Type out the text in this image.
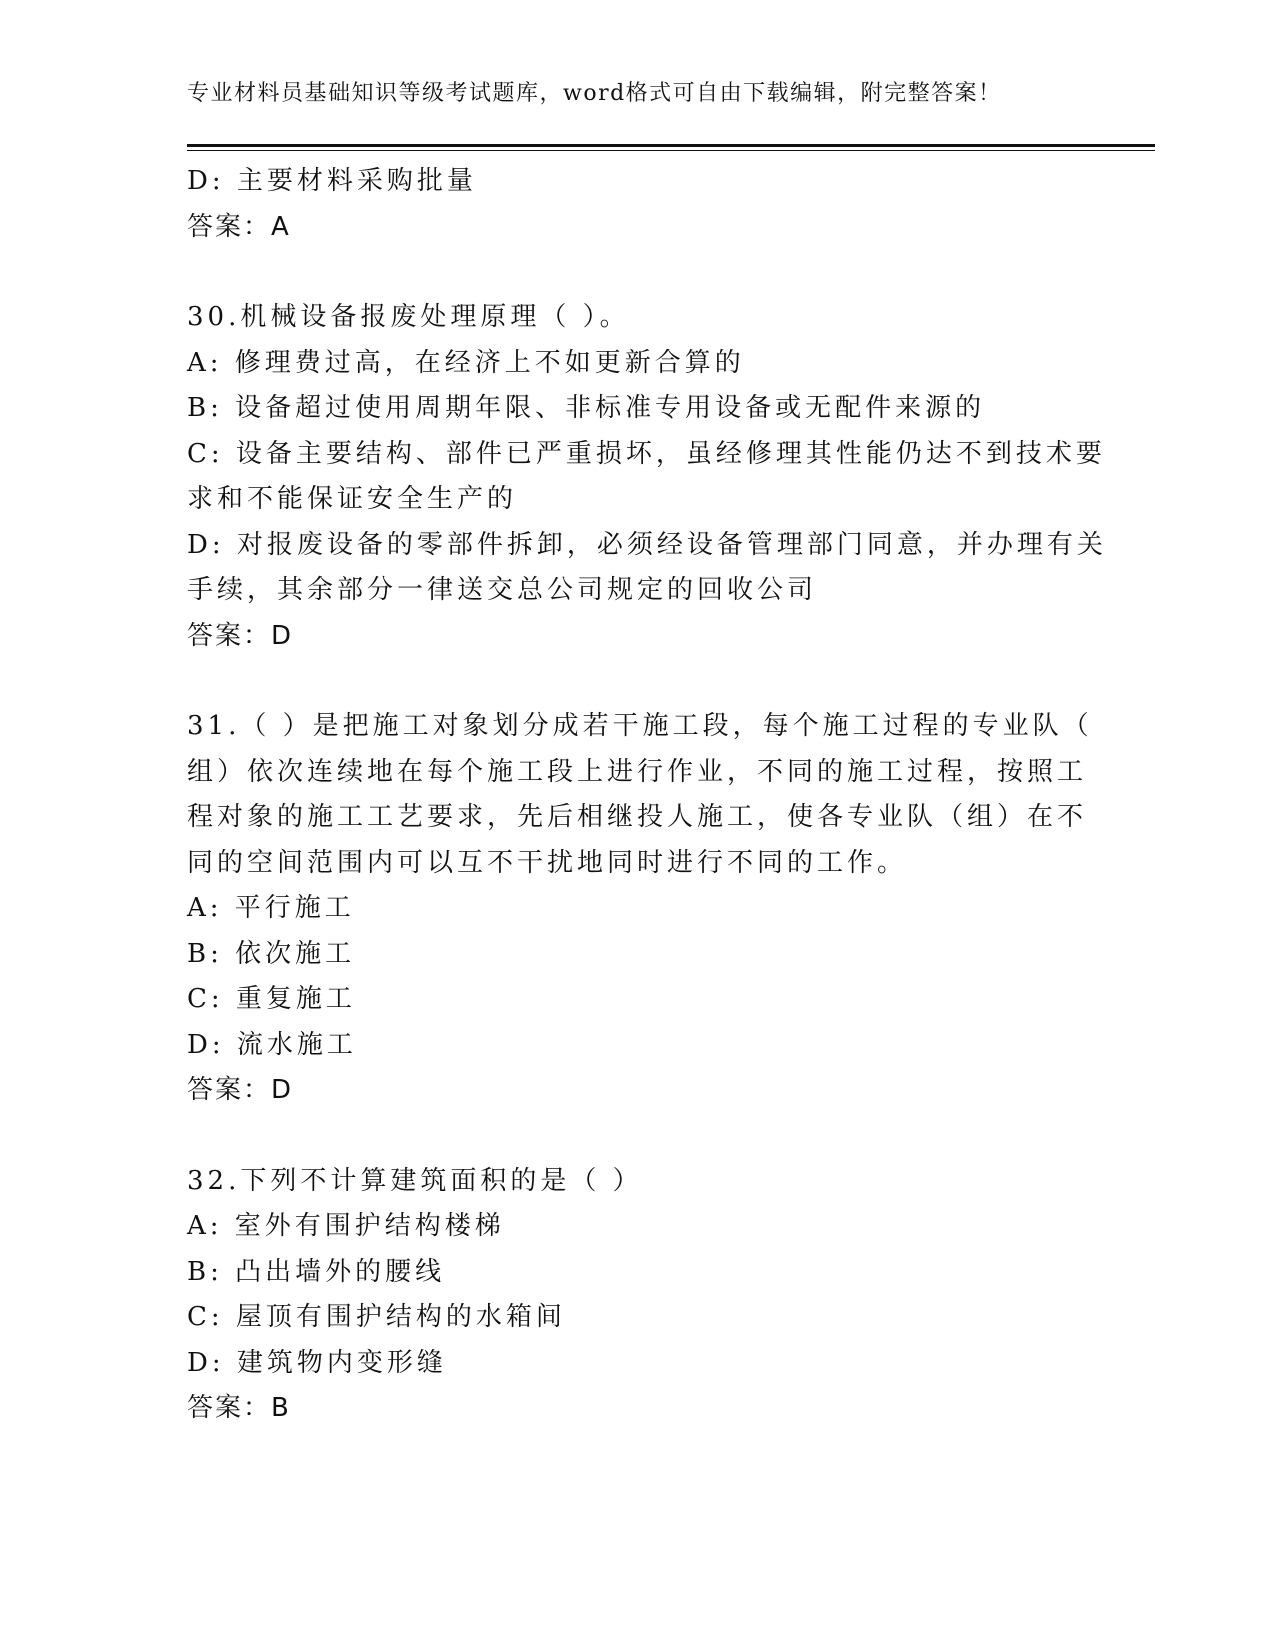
专业材料员基础知识等级考试题库，word格式可自由下载编辑，附完整答案！
D: 主要材料采购批量
答案：A
30.机械设备报废处理原理（ ）。
A: 修理费过高，在经济上不如更新合算的
B: 设备超过使用周期年限、非标准专用设备或无配件来源的
C: 设备主要结构、部件已严重损坏，虽经修理其性能仍达不到技术要
求和不能保证安全生产的
D: 对报废设备的零部件拆卸，必须经设备管理部门同意，并办理有关
手续，其余部分一律送交总公司规定的回收公司
答案：D
31.（ ）是把施工对象划分成若干施工段，每个施工过程的专业队（
组）依次连续地在每个施工段上进行作业，不同的施工过程，按照工
程对象的施工工艺要求，先后相继投人施工，使各专业队（组）在不
同的空间范围内可以互不干扰地同时进行不同的工作。
A: 平行施工
B: 依次施工
C: 重复施工
D: 流水施工
答案：D
32.下列不计算建筑面积的是（ ）
A: 室外有围护结构楼梯
B: 凸出墙外的腰线
C: 屋顶有围护结构的水箱间
D: 建筑物内变形缝
答案：B
